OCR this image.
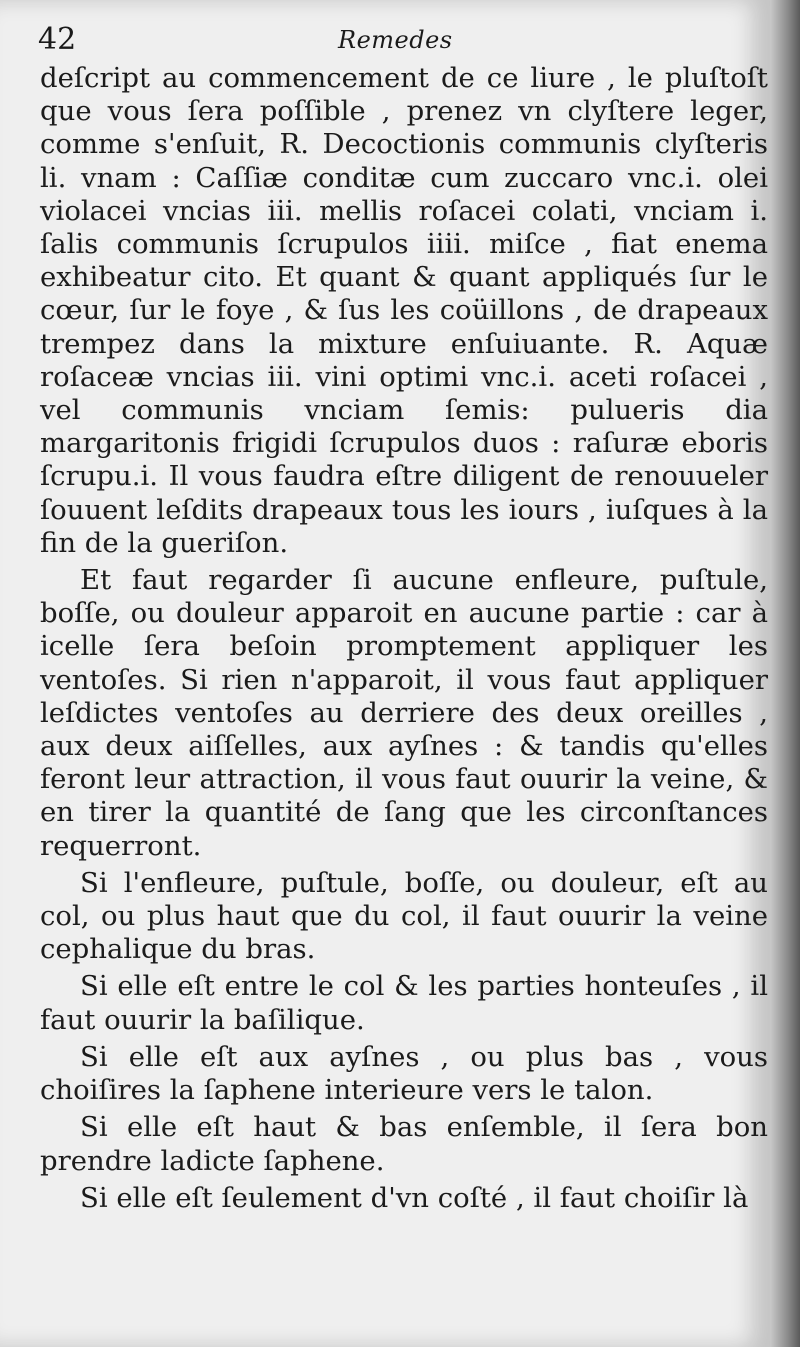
42	Remedes

deſcript au commencement de ce liure , le pluſtoſt que vous ſera poſſible , prenez vn clyſtere leger, comme s'enſuit, R. Decoctionis communis clyſteris li. vnam : Caſſiæ conditæ cum zuccaro vnc.i. olei violacei vncias iii. mellis roſacei colati, vnciam i. ſalis communis ſcrupulos iiii. miſce , fiat enema exhibeatur cito. Et quant & quant appliqués ſur le cœur, ſur le foye , & ſus les coüillons , de drapeaux trempez dans la mixture enſuiuante. R. Aquæ roſaceæ vncias iii. vini optimi vnc.i. aceti roſacei , vel communis vnciam ſemis: pulueris dia margaritonis frigidi ſcrupulos duos : raſuræ eboris ſcrupu.i. Il vous faudra eſtre diligent de renouueler ſouuent leſdits drapeaux tous les iours , iuſques à la fin de la gueriſon.

Et faut regarder ſi aucune enfleure, puſtule, boſſe, ou douleur apparoit en aucune partie : car à icelle ſera beſoin promptement appliquer les ventoſes. Si rien n'apparoit, il vous faut appliquer leſdictes ventoſes au derriere des deux oreilles , aux deux aiſſelles, aux ayſnes : & tandis qu'elles feront leur attraction, il vous faut ouurir la veine, & en tirer la quantité de ſang que les circonſtances requerront.

Si l'enfleure, puſtule, boſſe, ou douleur, eſt au col, ou plus haut que du col, il faut ouurir la veine cephalique du bras.

Si elle eſt entre le col & les parties honteuſes , il faut ouurir la baſilique.

Si elle eſt aux ayſnes , ou plus bas , vous choiſires la ſaphene interieure vers le talon.

Si elle eſt haut & bas enſemble, il ſera bon prendre ladicte ſaphene.

Si elle eſt ſeulement d'vn coſté , il faut choiſir là
